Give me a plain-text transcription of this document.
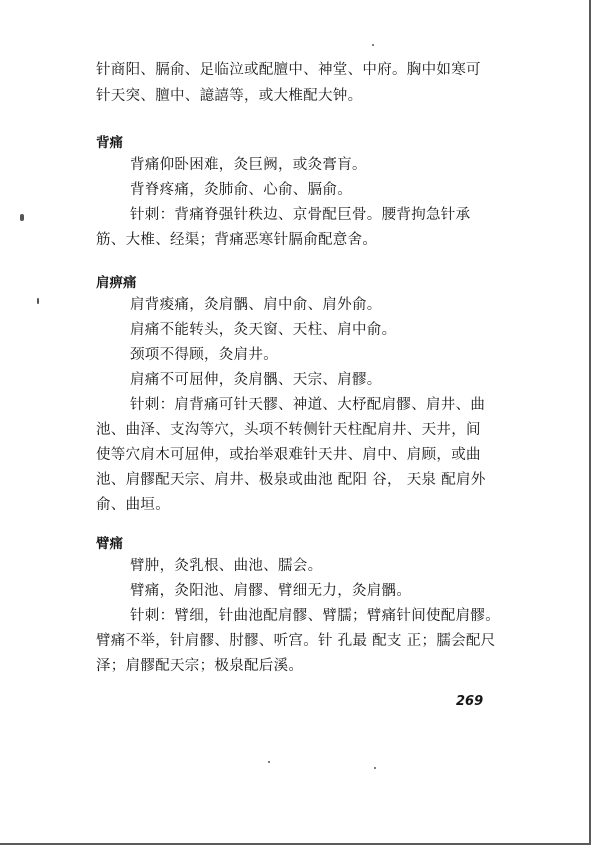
针商阳、膈俞、足临泣或配膻中、神堂、中府。胸中如寒可
针天突、膻中、譩譆等，或大椎配大钟。
背痛
背痛仰卧困难，灸巨阙，或灸膏肓。
背脊疼痛，灸肺俞、心俞、膈俞。
针刺：背痛脊强针秩边、京骨配巨骨。腰背拘急针承
筋、大椎、经渠；背痛恶寒针膈俞配意舍。
肩痹痛
肩背痠痛，灸肩髃、肩中俞、肩外俞。
肩痛不能转头，灸天窗、天柱、肩中俞。
颈项不得顾，灸肩井。
肩痛不可屈伸，灸肩髃、天宗、肩髎。
针刺：肩背痛可针天髎、神道、大杼配肩髎、肩井、曲
池、曲泽、支沟等穴，头项不转侧针天柱配肩井、天井，间
使等穴肩木可屈伸，或抬举艰难针天井、肩中、肩顾，或曲
池、肩髎配天宗、肩井、极泉或曲池 配阳 谷， 天泉 配肩外
俞、曲垣。
臂痛
臂肿，灸乳根、曲池、臑会。
臂痛，灸阳池、肩髎、臂细无力，灸肩髃。
针刺：臂细，针曲池配肩髎、臂臑；臂痛针间使配肩髎。
臂痛不举，针肩髎、肘髎、听宫。针 孔最 配支 正；臑会配尺
泽；肩髎配天宗；极泉配后溪。
269
